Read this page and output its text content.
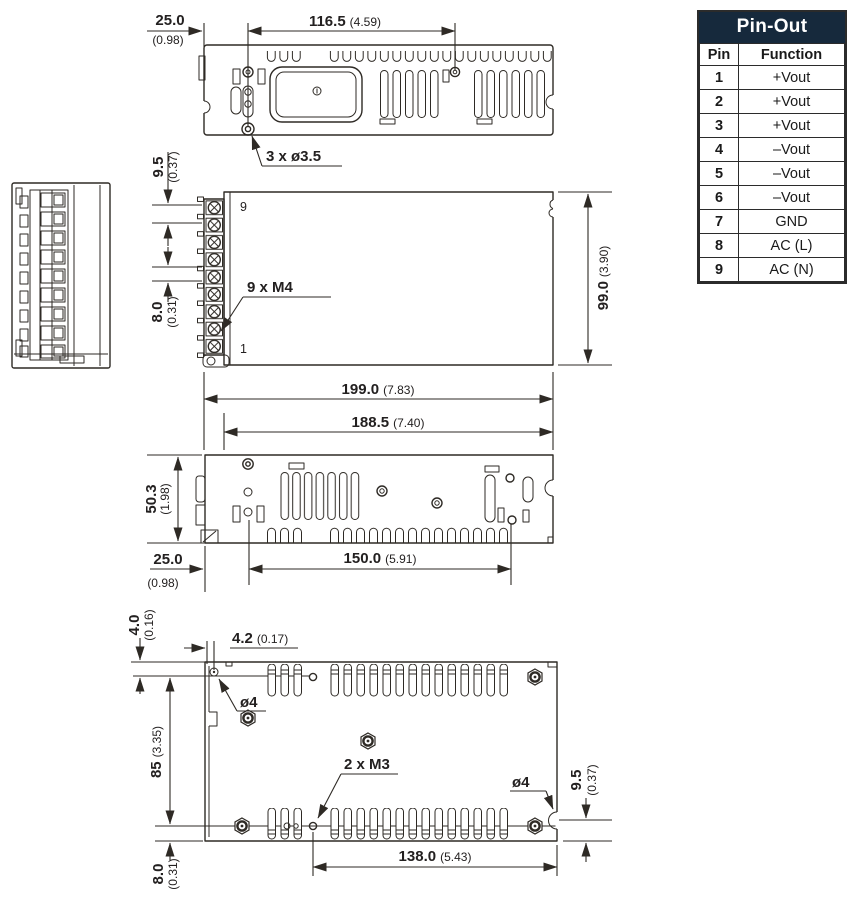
25.0
(0.98)
116.5 (4.59)
3 x ø3.5
9
1
9.5 (0.37)
8.0 (0.31)
9 x M4	99.0(3.90)
199.0 (7.83)
188.5 (7.40)
50.3
(1.98)
25.0
(0.98)
150.0 (5.91)
ø4
2 x M3
ø4
4.2 (0.17)
4.0 (0.16)
85(3.35)
8.0 (0.31)
9.5 (0.37)
138.0 (5.43)
Pin-Out
Pin	Function
1	+Vout
2	+Vout
3	+Vout
4	–Vout
5	–Vout
6	–Vout
7	GND
8	AC (L)
9	AC (N)
